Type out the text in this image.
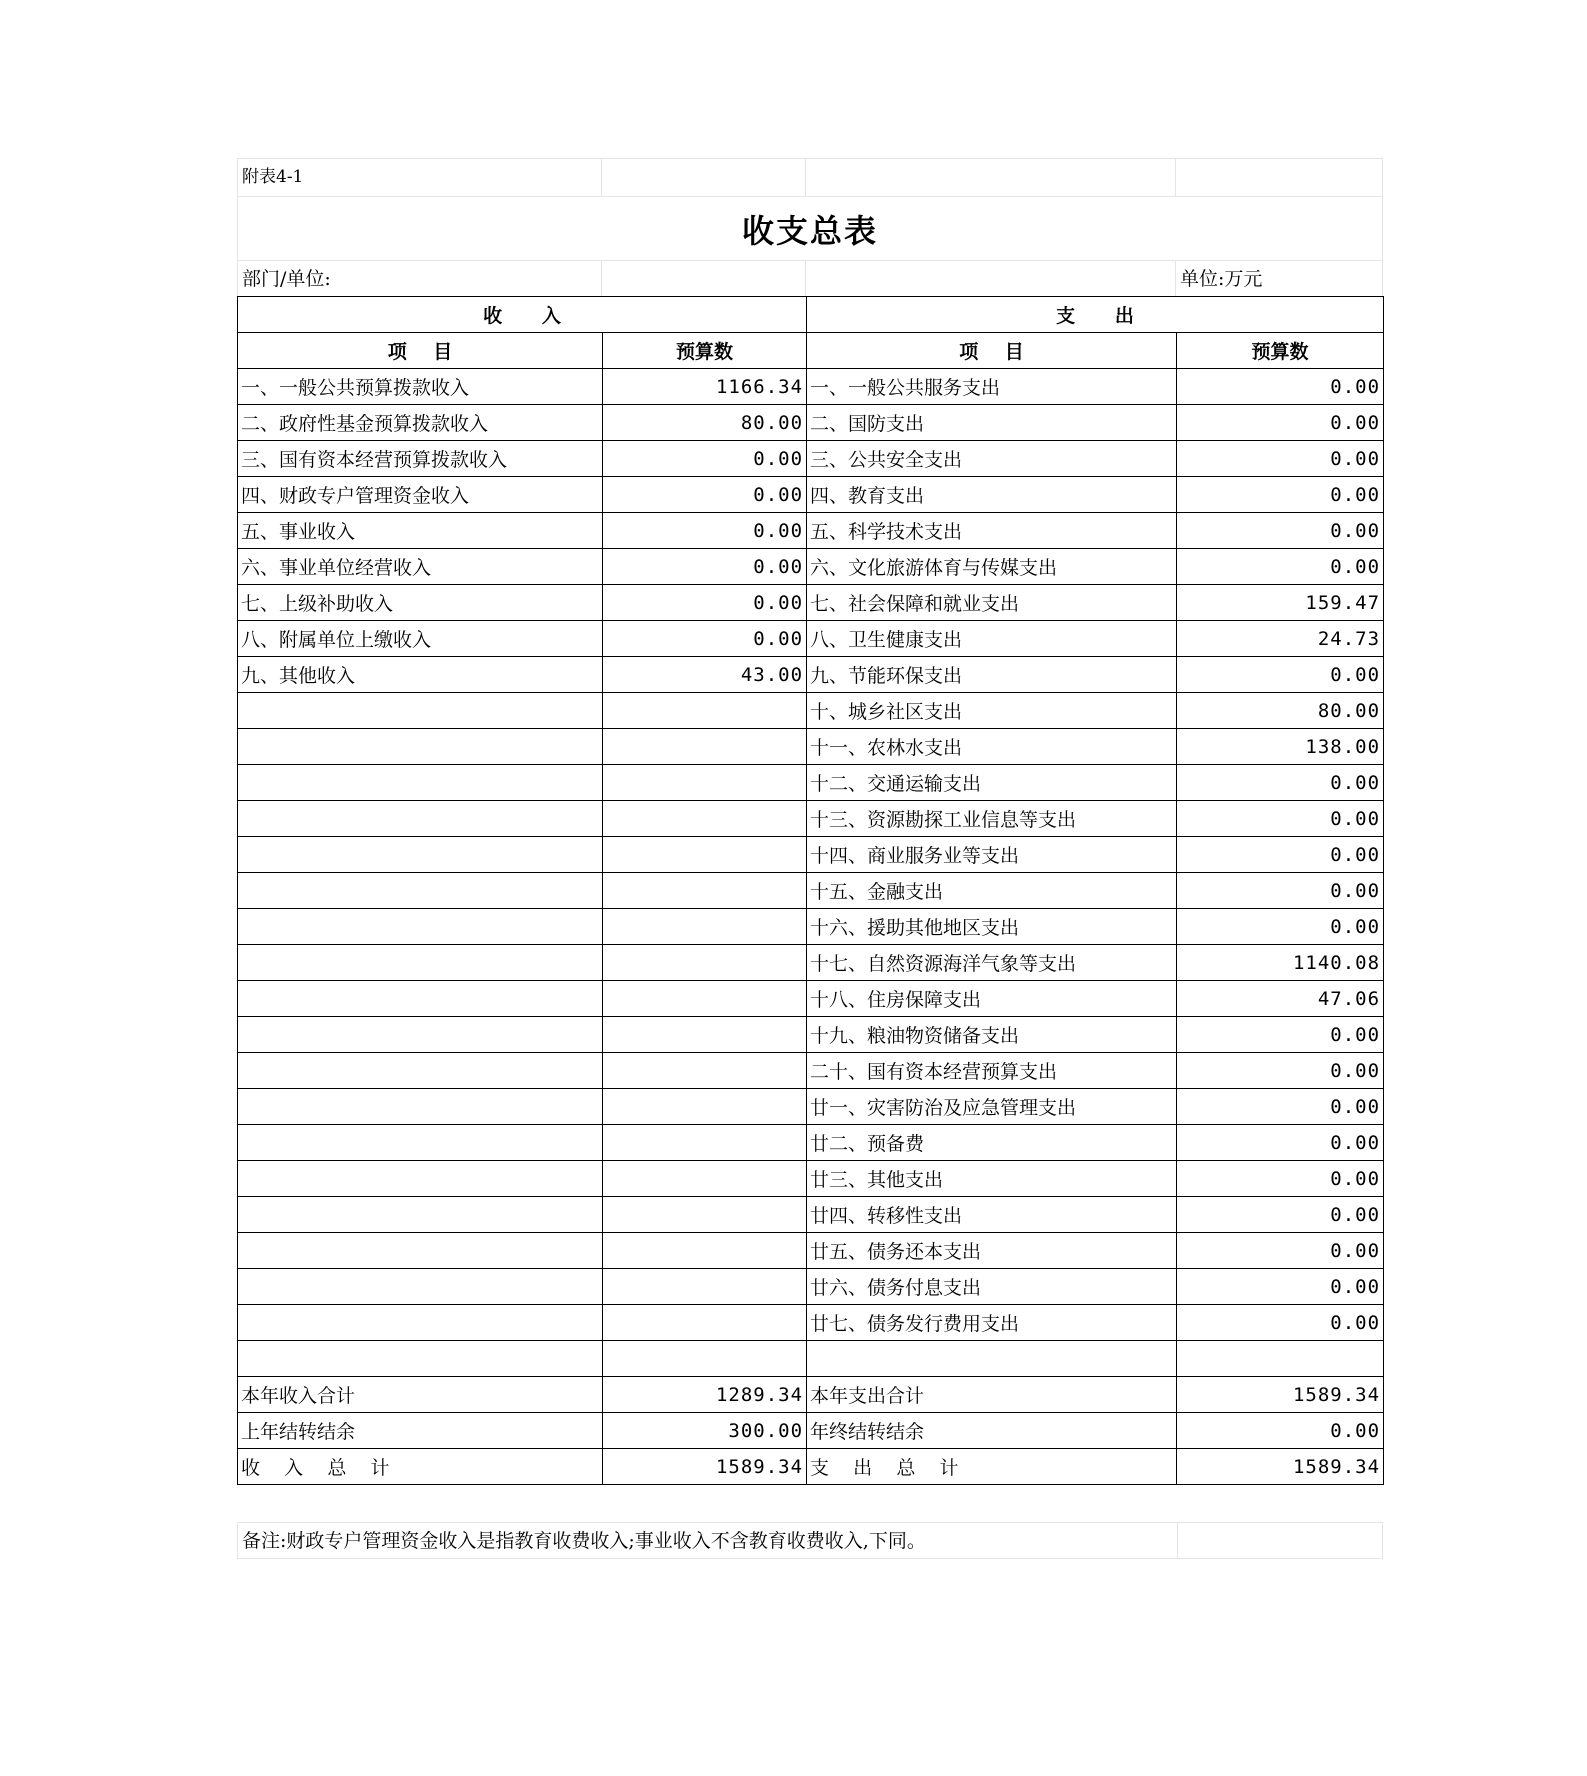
附表4-1
收支总表
部门/单位:	单位:万元
收      入		支      出	
项    目	预算数	项    目	预算数
一、一般公共预算拨款收入	1166.34	一、一般公共服务支出	0.00
二、政府性基金预算拨款收入	80.00	二、国防支出	0.00
三、国有资本经营预算拨款收入	0.00	三、公共安全支出	0.00
四、财政专户管理资金收入	0.00	四、教育支出	0.00
五、事业收入	0.00	五、科学技术支出	0.00
六、事业单位经营收入	0.00	六、文化旅游体育与传媒支出	0.00
七、上级补助收入	0.00	七、社会保障和就业支出	159.47
八、附属单位上缴收入	0.00	八、卫生健康支出	24.73
九、其他收入	43.00	九、节能环保支出	0.00
		十、城乡社区支出	80.00
		十一、农林水支出	138.00
		十二、交通运输支出	0.00
		十三、资源勘探工业信息等支出	0.00
		十四、商业服务业等支出	0.00
		十五、金融支出	0.00
		十六、援助其他地区支出	0.00
		十七、自然资源海洋气象等支出	1140.08
		十八、住房保障支出	47.06
		十九、粮油物资储备支出	0.00
		二十、国有资本经营预算支出	0.00
		廿一、灾害防治及应急管理支出	0.00
		廿二、预备费	0.00
		廿三、其他支出	0.00
		廿四、转移性支出	0.00
		廿五、债务还本支出	0.00
		廿六、债务付息支出	0.00
		廿七、债务发行费用支出	0.00

本年收入合计	1289.34	本年支出合计	1589.34
上年结转结余	300.00	年终结转结余	0.00
收    入    总    计	1589.34	支    出    总    计	1589.34
备注:财政专户管理资金收入是指教育收费收入;事业收入不含教育收费收入,下同。
